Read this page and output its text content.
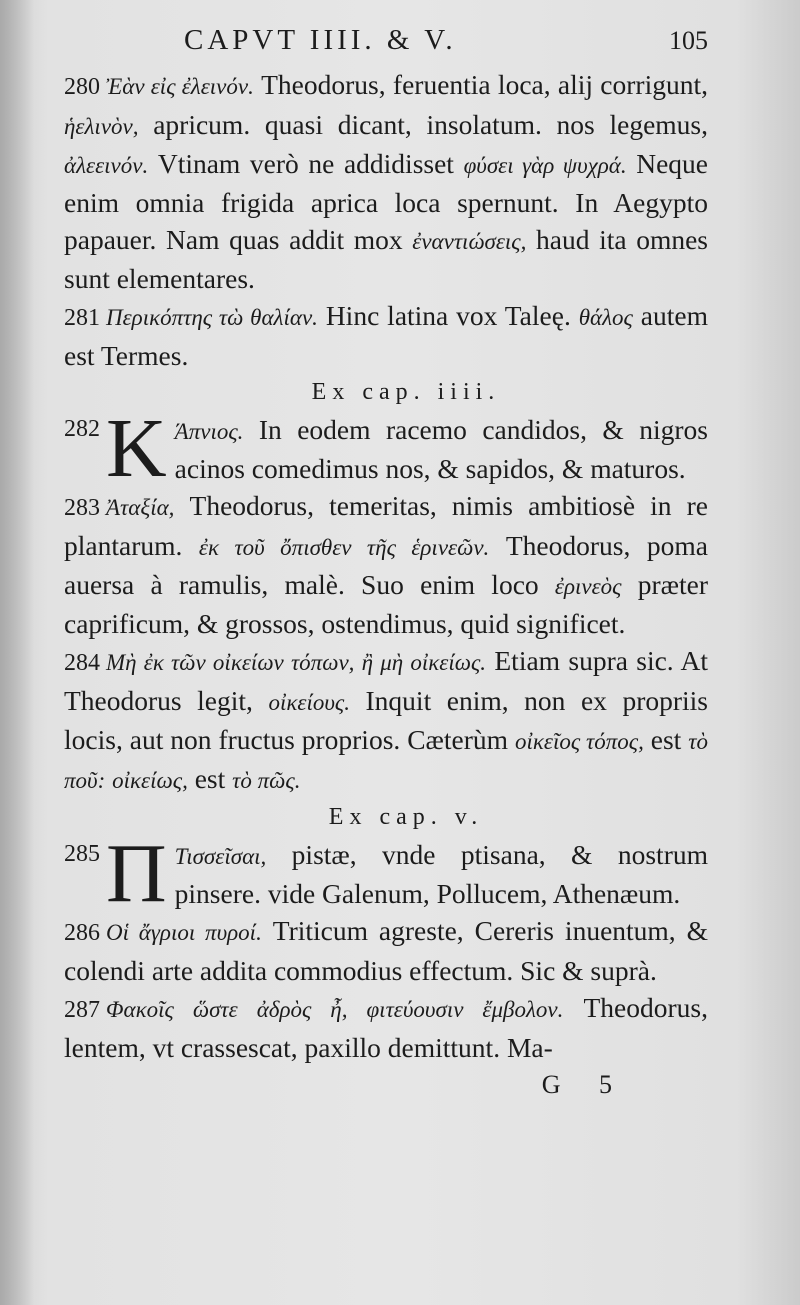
CAPVT IIII. & V.	105

280 Ἐὰν εἰς ἐλεινόν. Theodorus, feruentia loca, alij corrigunt, ἡελινὸν, apricum. quasi dicant, insolatum. nos legemus, ἀλεεινόν. Vtinam verò ne addidisset φύσει γὰρ ψυχρά. Neque enim omnia frigida aprica loca spernunt. In Aegypto papauer. Nam quas addit mox ἐναντιώσεις, haud ita omnes sunt elementares.

281 Περικόπτης τὼ θαλίαν. Hinc latina vox Taleę. θάλος autem est Termes.

Ex cap. iiii.

282 K Άπνιος. In eodem racemo candidos, & nigros acinos comedimus nos, & sapidos, & maturos.

283 Ἀταξία, Theodorus, temeritas, nimis ambitiosè in re plantarum. ἐκ τοῦ ὄπισθεν τῆς ἑρινεῶν. Theodorus, poma auersa à ramulis, malè. Suo enim loco ἐρινεὸς præter caprificum, & grossos, ostendimus, quid significet.

284 Μὴ ἐκ τῶν οἰκείων τόπων, ἢ μὴ οἰκείως. Etiam supra sic. At Theodorus legit, οἰκείους. Inquit enim, non ex propriis locis, aut non fructus proprios. Cæterùm οἰκεῖος τόπος, est τὸ ποῦ: οἰκείως, est τὸ πῶς.

Ex cap. v.

285 Π Τισσεῖσαι, pistæ, vnde ptisana, & nostrum pinsere. vide Galenum, Pollucem, Athenæum.

286 Οἱ ἄγριοι πυροί. Triticum agreste, Cereris inuentum, & colendi arte addita commodius effectum. Sic & suprà.

287 Φακοῖς ὥστε ἀδρὸς ἦ, φιτεύουσιν ἔμβολον. Theodorus, lentem, vt crassescat, paxillo demittunt. Ma-

G 5
